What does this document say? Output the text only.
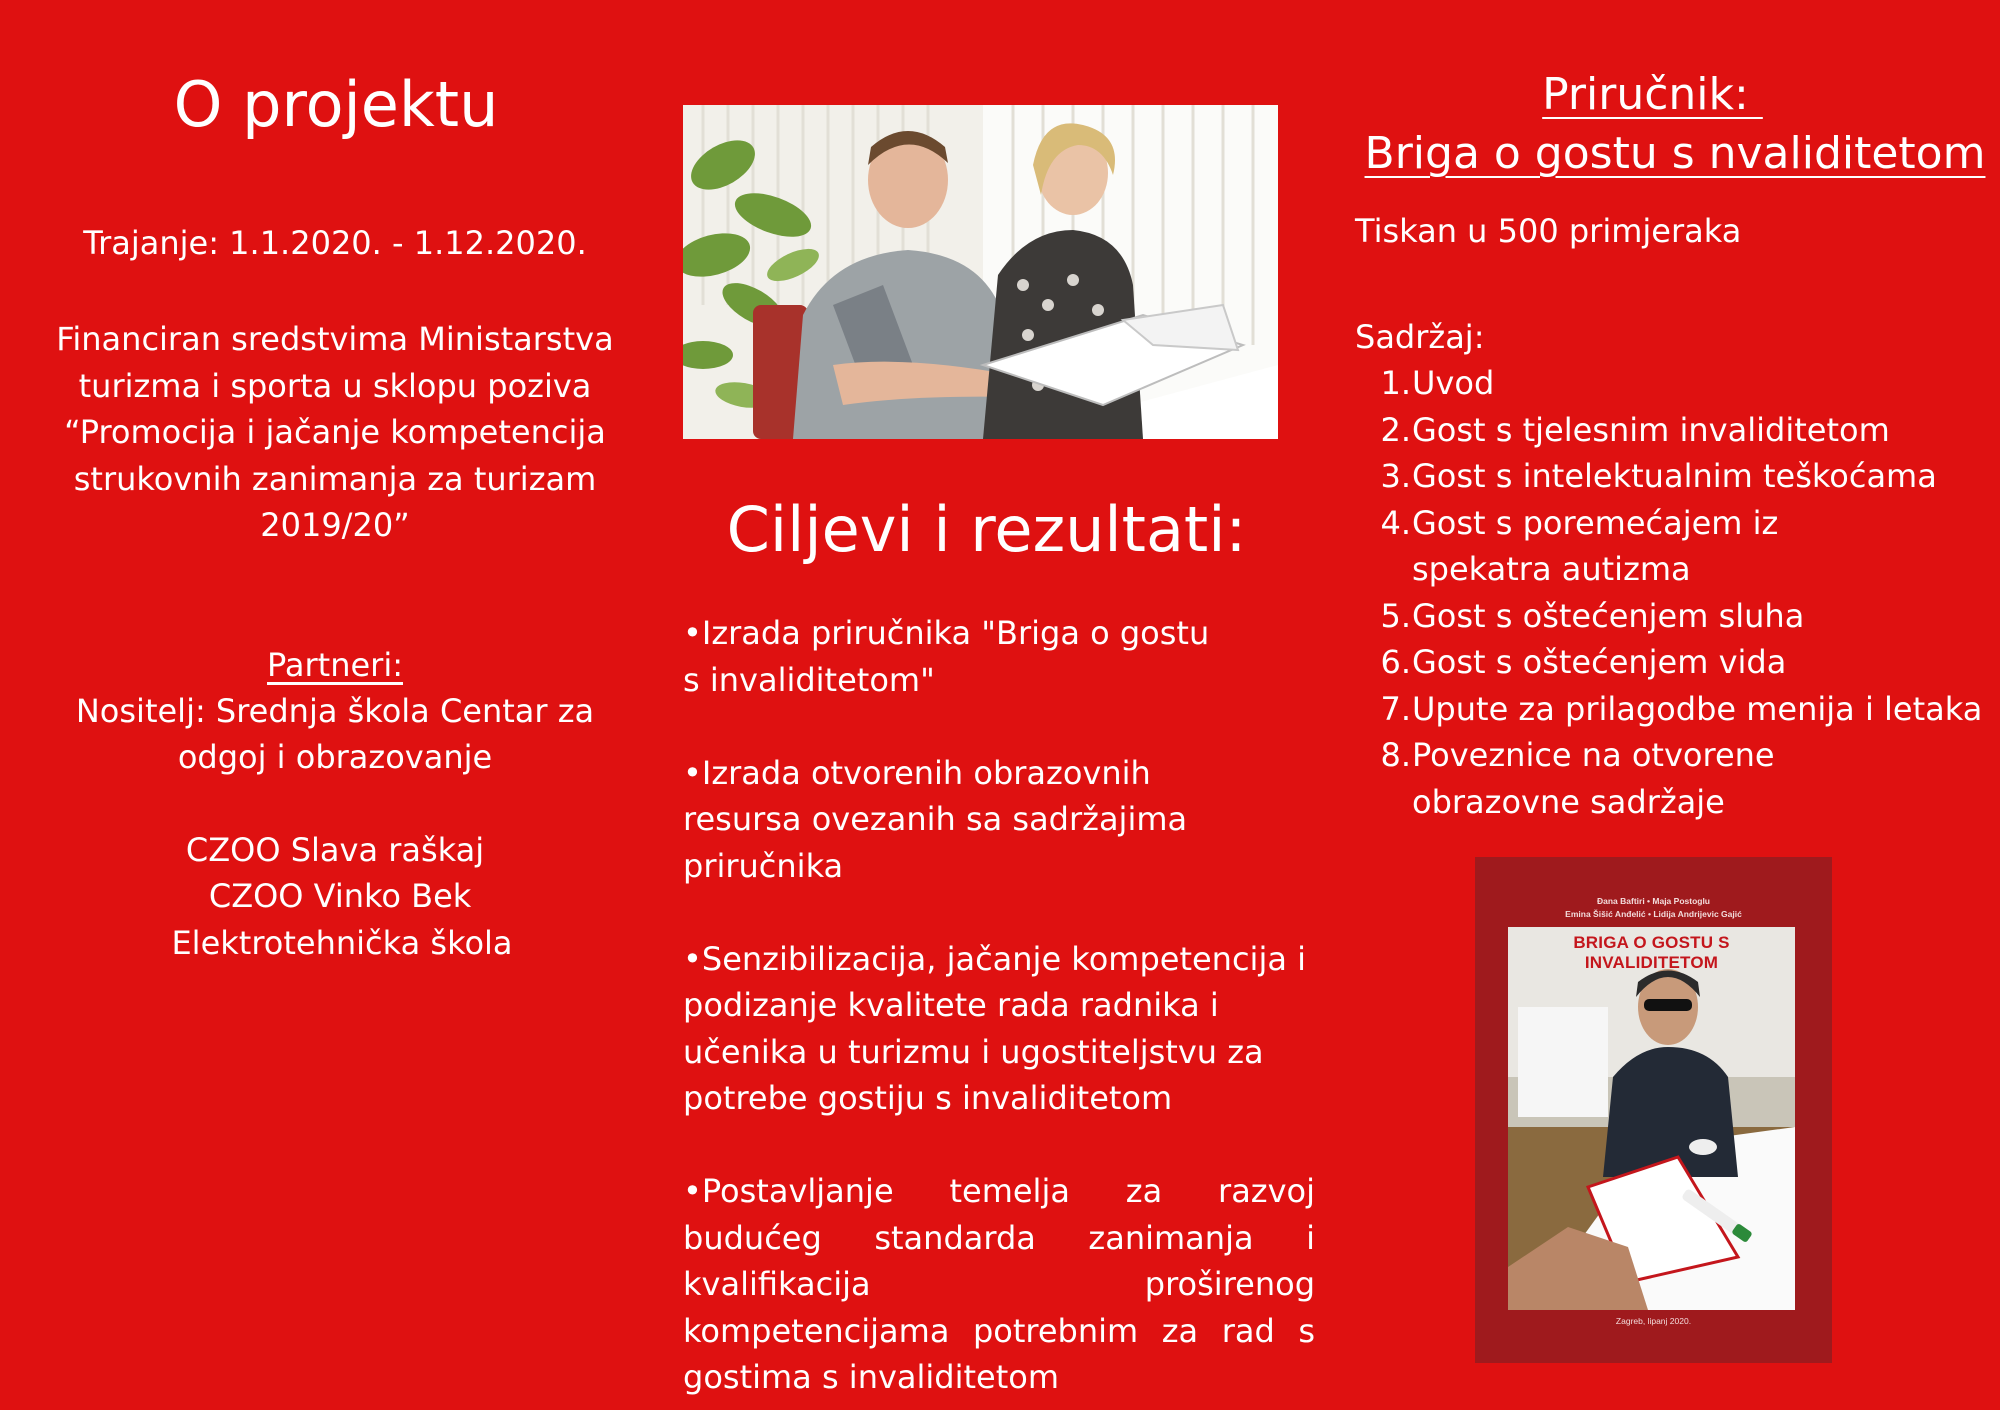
O projektu
Trajanje: 1.1.2020. - 1.12.2020.
Financiran sredstvima Ministarstva
turizma i sporta u sklopu poziva
“Promocija i jačanje kompetencija
strukovnih zanimanja za turizam
2019/20”
Partneri:
Nositelj: Srednja škola Centar za
odgoj i obrazovanje
CZOO Slava raškaj
CZOO Vinko Bek
Elektrotehnička škola
Ciljevi i rezultati:
•Izrada priručnika "Briga o gostu s invaliditetom"
•Izrada otvorenih obrazovnih resursa ovezanih sa sadržajima priručnika
•Senzibilizacija, jačanje kompetencija i podizanje kvalitete rada radnika i učenika u turizmu i ugostiteljstvu za potrebe gostiju s invaliditetom
•Postavljanje temelja za razvoj budućeg standarda zanimanja i kvalifikacija proširenog kompetencijama potrebnim za rad s gostima s invaliditetom
Priručnik:
Briga o gostu s nvaliditetom
Tiskan u 500 primjeraka
Sadržaj:
1. Uvod
2. Gost s tjelesnim invaliditetom
3. Gost s intelektualnim teškoćama
4. Gost s poremećajem iz spekatra autizma
5. Gost s oštećenjem sluha
6. Gost s oštećenjem vida
7. Upute za prilagodbe menija i letaka
8. Poveznice na otvorene obrazovne sadržaje
Đana Baftiri • Maja Postoglu
Emina Šišić Anđelić • Lidija Andrijevic Gajić
BRIGA O GOSTU S INVALIDITETOM
Zagreb, lipanj 2020.
